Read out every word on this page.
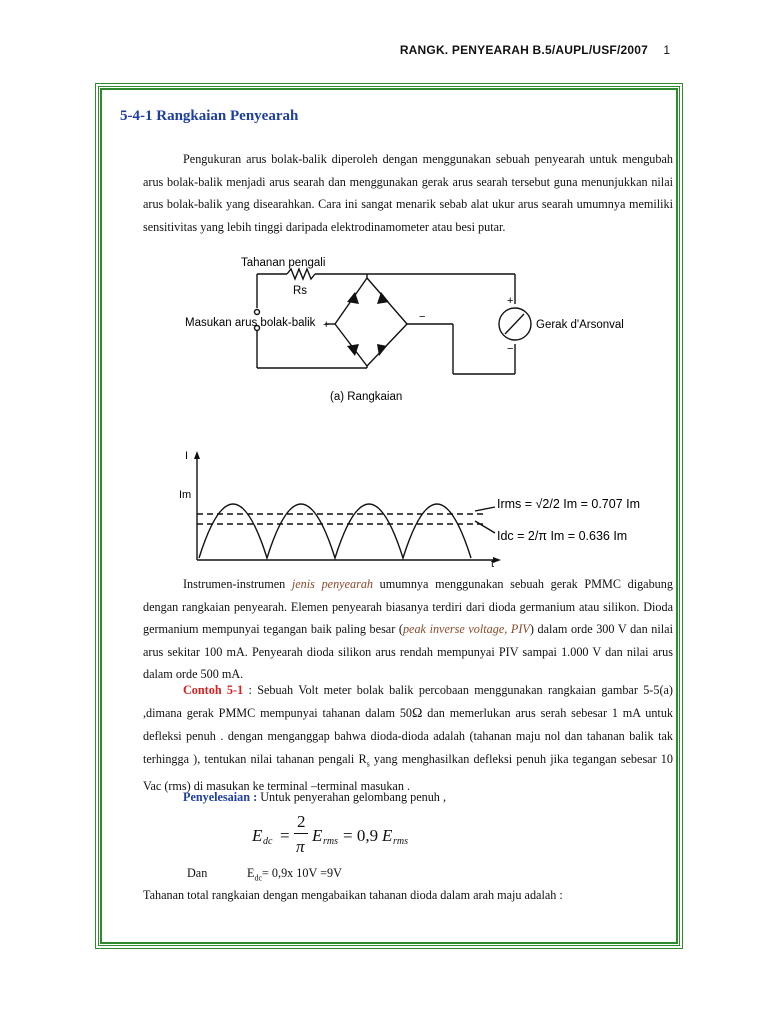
RANGK. PENYEARAH B.5/AUPL/USF/2007 1
5-4-1 Rangkaian Penyearah
Pengukuran arus bolak-balik diperoleh dengan menggunakan sebuah penyearah untuk mengubah arus bolak-balik menjadi arus searah dan menggunakan gerak arus searah tersebut guna menunjukkan nilai arus bolak-balik yang disearahkan. Cara ini sangat menarik sebab alat ukur arus searah umumnya memiliki sensitivitas yang lebih tinggi daripada elektrodinamometer atau besi putar.
Tahanan pengali
Rs
Masukan arus bolak-balik	Gerak d'Arsonval
+
+
−
−
(a) Rangkaian
I
Im
t
Irms = √2/2 Im = 0.707 Im
Idc = 2/π Im = 0.636 Im
Instrumen-instrumen jenis penyearah umumnya menggunakan sebuah gerak PMMC digabung dengan rangkaian penyearah. Elemen penyearah biasanya terdiri dari dioda germanium atau silikon. Dioda germanium mempunyai tegangan baik paling besar (peak inverse voltage, PIV) dalam orde 300 V dan nilai arus sekitar 100 mA. Penyearah dioda silikon arus rendah mempunyai PIV sampai 1.000 V dan nilai arus dalam orde 500 mA.
Contoh 5-1 : Sebuah Volt meter bolak balik percobaan menggunakan rangkaian gambar 5-5(a) ,dimana gerak PMMC mempunyai tahanan dalam 50Ω dan memerlukan arus serah sebesar 1 mA untuk defleksi penuh . dengan menganggap bahwa dioda-dioda adalah (tahanan maju nol dan tahanan balik tak terhingga ), tentukan nilai tahanan pengali $R_s$ yang menghasilkan defleksi penuh jika tegangan sebesar 10 Vac (rms) di masukan ke terminal –terminal masukan .
Penyelesaian : Untuk penyerahan gelombang penuh ,
E dc =
2
π
E rms = 0,9 E rms
Dan	$E_{dc}= 0,9x$ 10V =9V
Tahanan total rangkaian dengan mengabaikan tahanan dioda dalam arah maju adalah :
